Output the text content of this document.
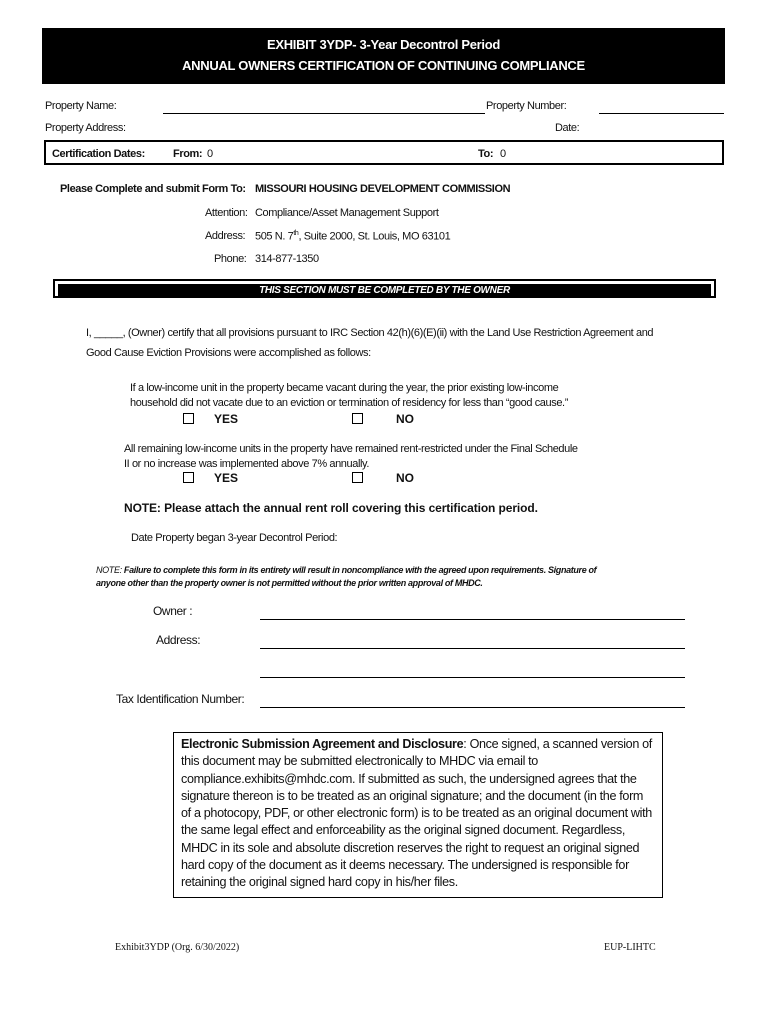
EXHIBIT 3YDP- 3-Year Decontrol Period
ANNUAL OWNERS CERTIFICATION OF CONTINUING COMPLIANCE
Property Name:	Property Number:
Property Address:	Date:
Certification Dates:	From: 0	To: 0
Please Complete and submit Form To: MISSOURI HOUSING DEVELOPMENT COMMISSION
Attention: Compliance/Asset Management Support
Address: 505 N. 7th, Suite 2000, St. Louis, MO 63101
Phone: 314-877-1350
THIS SECTION MUST BE COMPLETED BY THE OWNER
I, _____, (Owner) certify that all provisions pursuant to IRC Section 42(h)(6)(E)(ii) with the Land Use Restriction Agreement and
Good Cause Eviction Provisions were accomplished as follows:
If a low-income unit in the property became vacant during the year, the prior existing low-income
household did not vacate due to an eviction or termination of residency for less than “good cause.”
YES	NO
All remaining low-income units in the property have remained rent-restricted under the Final Schedule
II or no increase was implemented above 7% annually.
YES	NO
NOTE: Please attach the annual rent roll covering this certification period.
Date Property began 3-year Decontrol Period:
NOTE: Failure to complete this form in its entirety will result in noncompliance with the agreed upon requirements. Signature of
anyone other than the property owner is not permitted without the prior written approval of MHDC.
Owner :
Address:
Tax Identification Number:
Electronic Submission Agreement and Disclosure: Once signed, a scanned version of this document may be submitted electronically to MHDC via email to compliance.exhibits@mhdc.com. If submitted as such, the undersigned agrees that the signature thereon is to be treated as an original signature; and the document (in the form of a photocopy, PDF, or other electronic form) is to be treated as an original document with the same legal effect and enforceability as the original signed document. Regardless, MHDC in its sole and absolute discretion reserves the right to request an original signed hard copy of the document as it deems necessary. The undersigned is responsible for retaining the original signed hard copy in his/her files.
Exhibit3YDP (Org. 6/30/2022)	EUP-LIHTC
